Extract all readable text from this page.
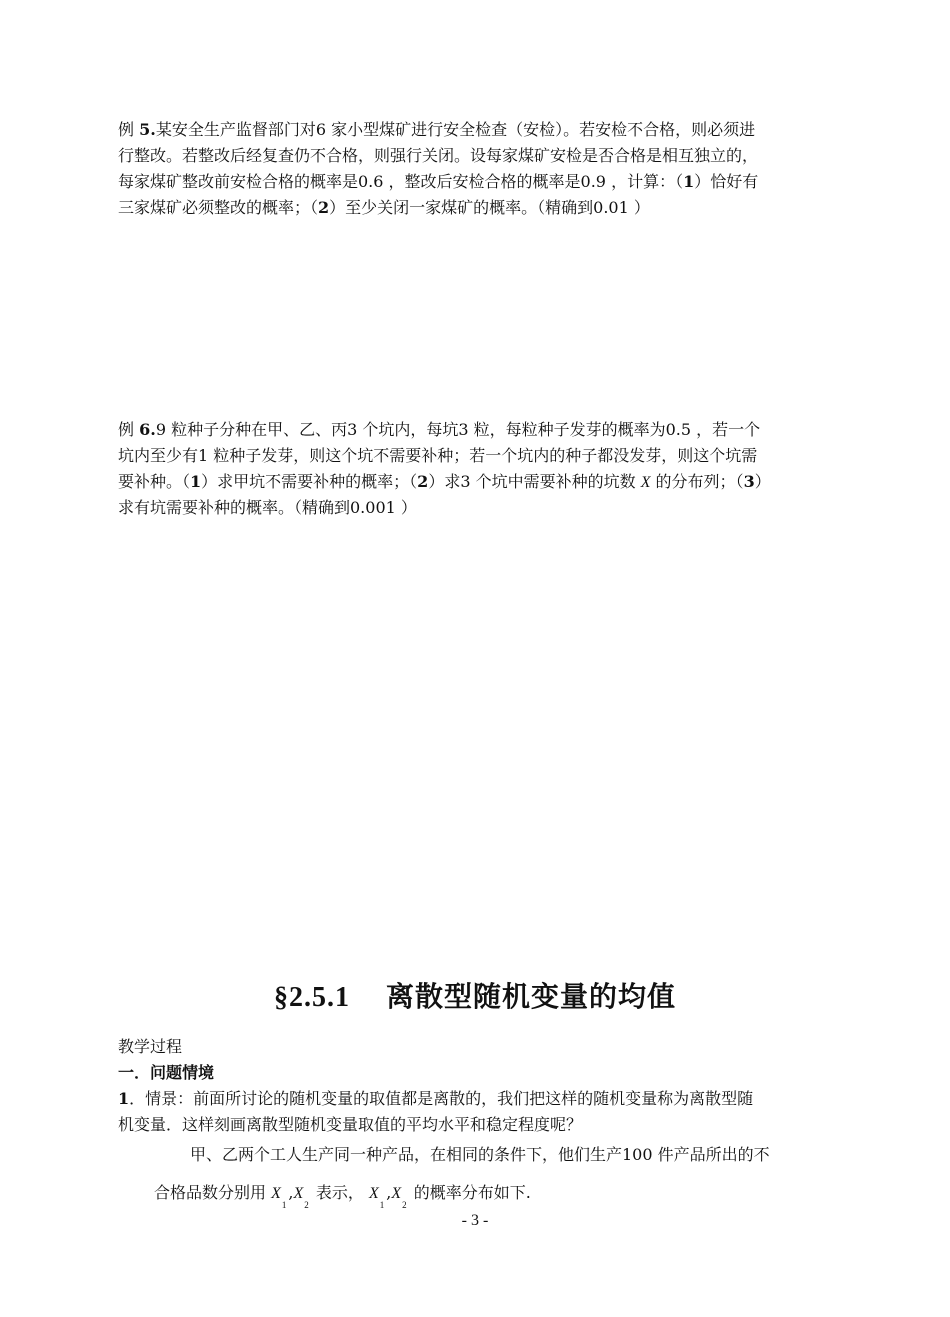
例 5.某安全生产监督部门对6 家小型煤矿进行安全检查（安检）。若安检不合格，则必须进
行整改。若整改后经复查仍不合格，则强行关闭。设每家煤矿安检是否合格是相互独立的，
每家煤矿整改前安检合格的概率是0.6 ，整改后安检合格的概率是0.9 ，计算：（1）恰好有
三家煤矿必须整改的概率；（2）至少关闭一家煤矿的概率。（精确到0.01 ）
例 6.9 粒种子分种在甲、乙、丙3 个坑内，每坑3 粒，每粒种子发芽的概率为0.5 ，若一个
坑内至少有1 粒种子发芽，则这个坑不需要补种；若一个坑内的种子都没发芽，则这个坑需
要补种。（1）求甲坑不需要补种的概率；（2）求3 个坑中需要补种的坑数 X 的分布列；（3）
求有坑需要补种的概率。（精确到0.001 ）
§2.5.1 离散型随机变量的均值
教学过程
一．问题情境
1．情景：前面所讨论的随机变量的取值都是离散的，我们把这样的随机变量称为离散型随
机变量．这样刻画离散型随机变量取值的平均水平和稳定程度呢？
甲、乙两个工人生产同一种产品，在相同的条件下，他们生产100 件产品所出的不
合格品数分别用 $X_1,X_2$ 表示， $X_1,X_2$ 的概率分布如下.
- 3 -
